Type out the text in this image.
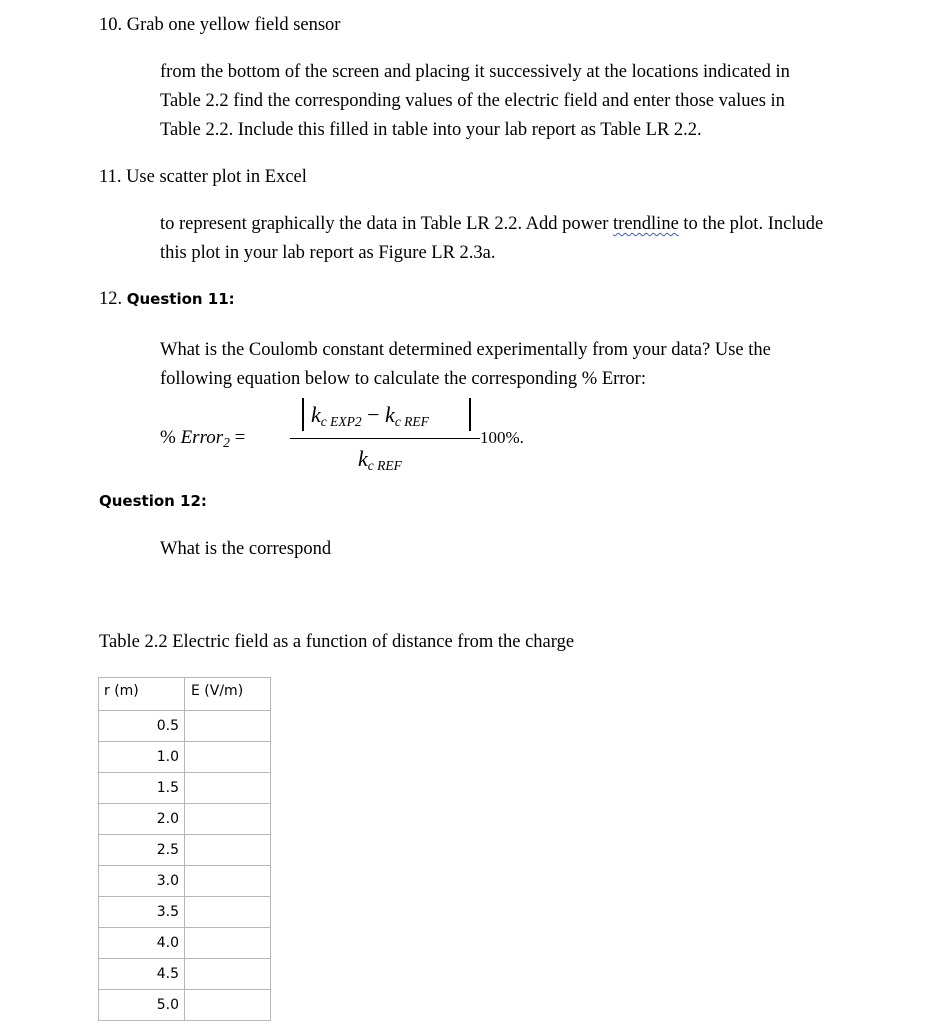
10. Grab one yellow field sensor
from the bottom of the screen and placing it successively at the locations indicated in
Table 2.2 find the corresponding values of the electric field and enter those values in
Table 2.2. Include this filled in table into your lab report as Table LR 2.2.
11. Use scatter plot in Excel
to represent graphically the data in Table LR 2.2. Add power trendline to the plot. Include
this plot in your lab report as Figure LR 2.3a.
12. Question 11:
What is the Coulomb constant determined experimentally from your data? Use the
following equation below to calculate the corresponding % Error:
% Error$_2$ =
kc EXP2 − kc REF
kc REF
100%.
Question 12:
What is the correspond
Table 2.2 Electric field as a function of distance from the charge
r (m)	E (V/m)
0.5	
1.0	
1.5	
2.0	
2.5	
3.0	
3.5	
4.0	
4.5	
5.0	
